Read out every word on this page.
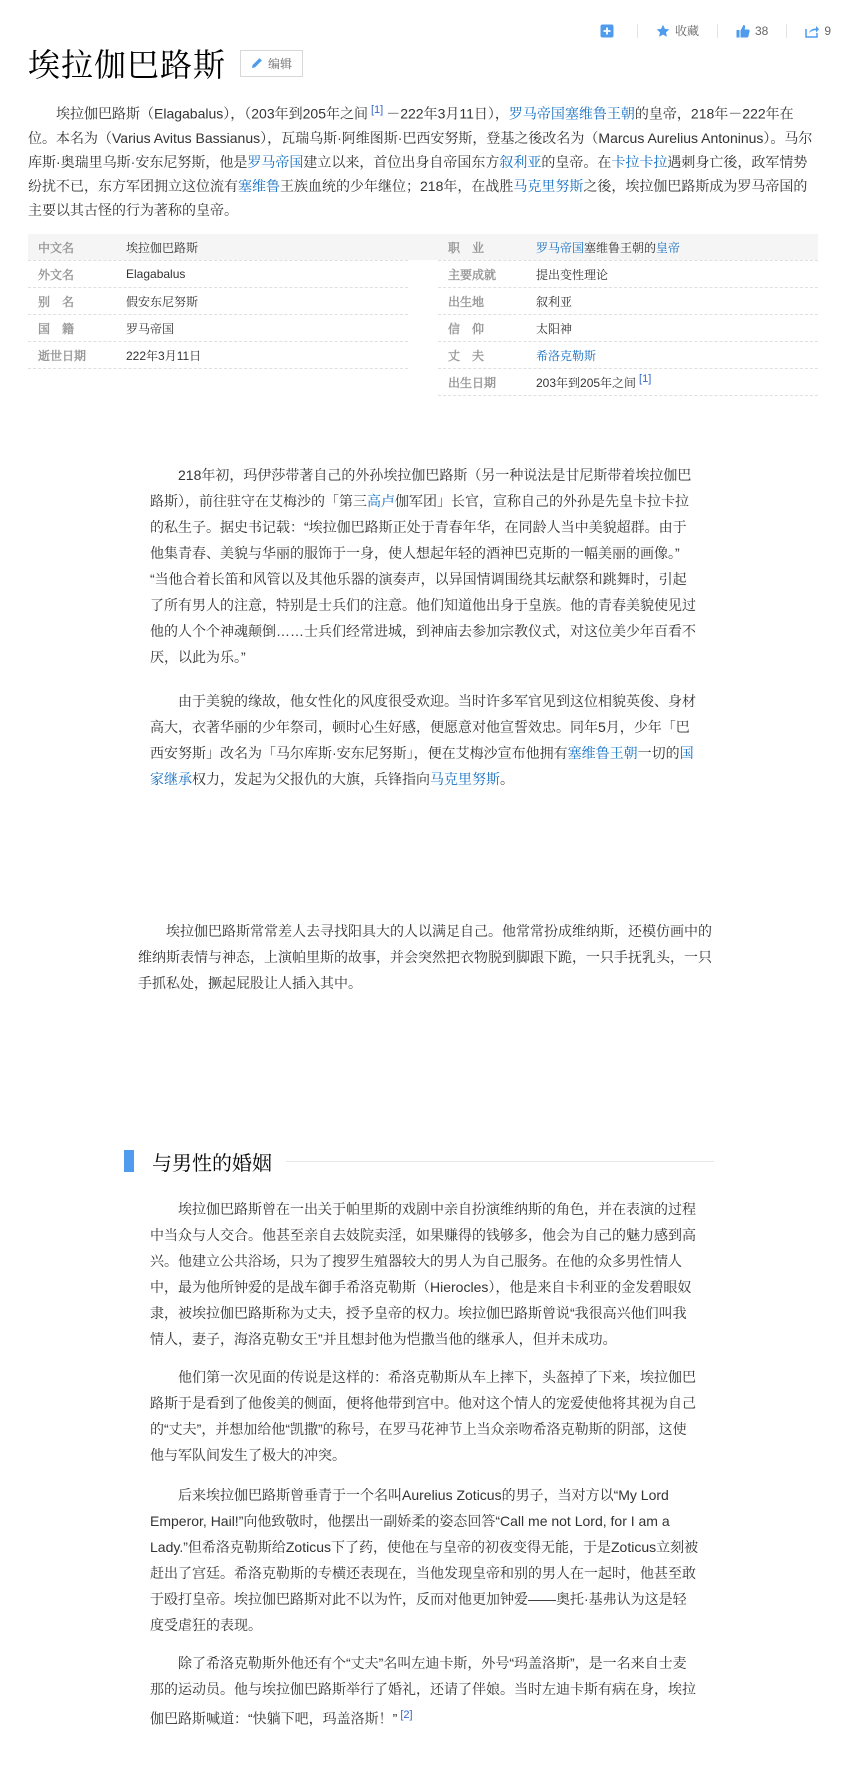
收藏	38	9
埃拉伽巴路斯	编辑

埃拉伽巴路斯（Elagabalus），（203年到205年之间 [1] －222年3月11日），罗马帝国塞维鲁王朝的皇帝，218年－222年在位。本名为（Varius Avitus Bassianus），瓦瑞乌斯·阿维图斯·巴西安努斯，登基之後改名为（Marcus Aurelius Antoninus）。马尔库斯·奥瑞里乌斯·安东尼努斯，他是罗马帝国建立以来，首位出身自帝国东方叙利亚的皇帝。在卡拉卡拉遇刺身亡後，政军情势纷扰不已，东方军团拥立这位流有塞维鲁王族血统的少年继位；218年，在战胜马克里努斯之後，埃拉伽巴路斯成为罗马帝国的主要以其古怪的行为著称的皇帝。

中文名	埃拉伽巴路斯
外文名	Elagabalus
别　名	假安东尼努斯
国　籍	罗马帝国
逝世日期	222年3月11日
职　业	罗马帝国塞维鲁王朝的皇帝
主要成就	提出变性理论
出生地	叙利亚
信　仰	太阳神
丈　夫	希洛克勒斯
出生日期	203年到205年之间 [1]

218年初，玛伊莎带著自己的外孙埃拉伽巴路斯（另一种说法是甘尼斯带着埃拉伽巴路斯），前往驻守在艾梅沙的「第三高卢伽军团」长官，宣称自己的外孙是先皇卡拉卡拉的私生子。据史书记载：“埃拉伽巴路斯正处于青春年华，在同龄人当中美貌超群。由于他集青春、美貌与华丽的服饰于一身，使人想起年轻的酒神巴克斯的一幅美丽的画像。” “当他合着长笛和风管以及其他乐器的演奏声，以异国情调围绕其坛献祭和跳舞时，引起了所有男人的注意，特别是士兵们的注意。他们知道他出身于皇族。他的青春美貌使见过他的人个个神魂颠倒……士兵们经常进城，到神庙去参加宗教仪式，对这位美少年百看不厌，以此为乐。”

由于美貌的缘故，他女性化的风度很受欢迎。当时许多军官见到这位相貌英俊、身材高大，衣著华丽的少年祭司，顿时心生好感，便愿意对他宣誓效忠。同年5月，少年「巴西安努斯」改名为「马尔库斯·安东尼努斯」，便在艾梅沙宣布他拥有塞维鲁王朝一切的国家继承权力，发起为父报仇的大旗，兵锋指向马克里努斯。

埃拉伽巴路斯常常差人去寻找阳具大的人以满足自己。他常常扮成维纳斯，还模仿画中的维纳斯表情与神态，上演帕里斯的故事，并会突然把衣物脱到脚跟下跪，一只手抚乳头，一只手抓私处，撅起屁股让人插入其中。

与男性的婚姻

埃拉伽巴路斯曾在一出关于帕里斯的戏剧中亲自扮演维纳斯的角色，并在表演的过程中当众与人交合。他甚至亲自去妓院卖淫，如果赚得的钱够多，他会为自己的魅力感到高兴。他建立公共浴场，只为了搜罗生殖器较大的男人为自己服务。在他的众多男性情人中，最为他所钟爱的是战车御手希洛克勒斯（Hierocles），他是来自卡利亚的金发碧眼奴隶，被埃拉伽巴路斯称为丈夫，授予皇帝的权力。埃拉伽巴路斯曾说“我很高兴他们叫我情人，妻子，海洛克勒女王”并且想封他为恺撒当他的继承人，但并未成功。

他们第一次见面的传说是这样的：希洛克勒斯从车上摔下，头盔掉了下来，埃拉伽巴路斯于是看到了他俊美的侧面，便将他带到宫中。他对这个情人的宠爱使他将其视为自己的“丈夫”，并想加给他“凯撒”的称号，在罗马花神节上当众亲吻希洛克勒斯的阴部，这使他与军队间发生了极大的冲突。

后来埃拉伽巴路斯曾垂青于一个名叫Aurelius Zoticus的男子，当对方以“My Lord Emperor, Hail!”向他致敬时，他摆出一副娇柔的姿态回答“Call me not Lord, for I am a Lady.”但希洛克勒斯给Zoticus下了药，使他在与皇帝的初夜变得无能，于是Zoticus立刻被赶出了宫廷。希洛克勒斯的专横还表现在，当他发现皇帝和别的男人在一起时，他甚至敢于殴打皇帝。埃拉伽巴路斯对此不以为忤，反而对他更加钟爱——奥托·基弗认为这是轻度受虐狂的表现。

除了希洛克勒斯外他还有个“丈夫”名叫左迪卡斯，外号“玛盖洛斯”，是一名来自士麦那的运动员。他与埃拉伽巴路斯举行了婚礼，还请了伴娘。当时左迪卡斯有病在身，埃拉伽巴路斯喊道：“快躺下吧，玛盖洛斯！” [2]
